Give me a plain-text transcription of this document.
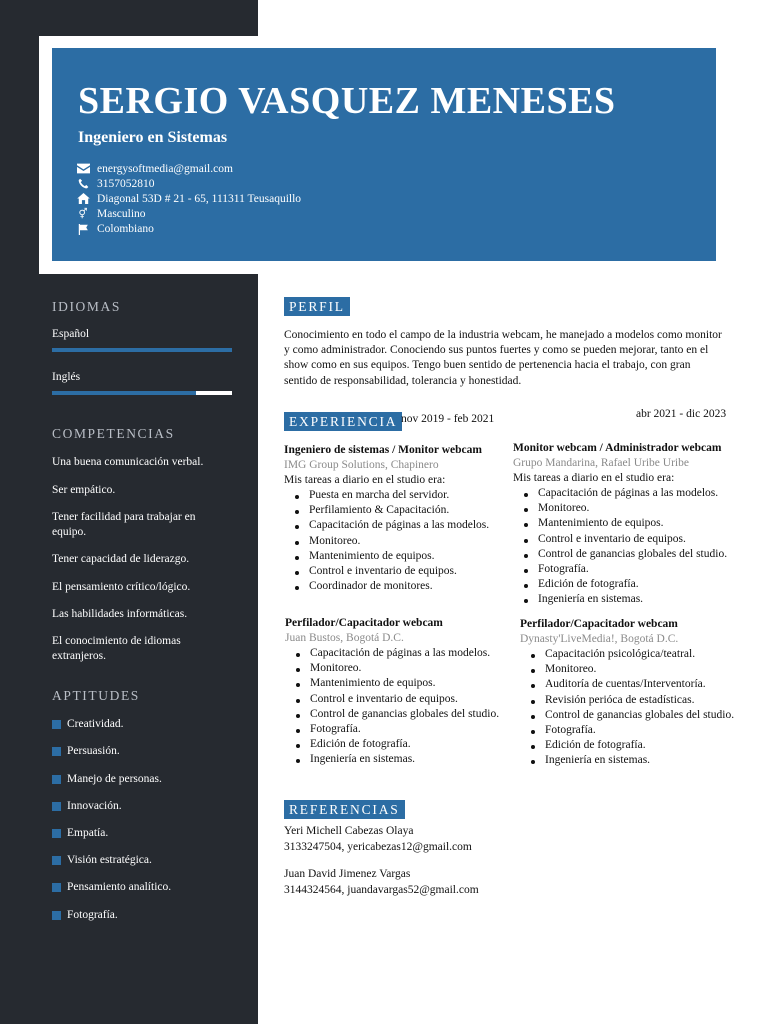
SERGIO VASQUEZ MENESES
Ingeniero en Sistemas
energysoftmedia@gmail.com
3157052810
Diagonal 53D # 21 - 65, 111311 Teusaquillo
⚥ Masculino
Colombiano
IDIOMAS
Español
Inglés
COMPETENCIAS
Una buena comunicación verbal.
Ser empático.
Tener facilidad para trabajar en equipo.
Tener capacidad de liderazgo.
El pensamiento crítico/lógico.
Las habilidades informáticas.
El conocimiento de idiomas extranjeros.
APTITUDES
Creatividad.
Persuasión.
Manejo de personas.
Innovación.
Empatía.
Visión estratégica.
Pensamiento analítico.
Fotografía.
PERFIL
Conocimiento en todo el campo de la industria webcam, he manejado a modelos como monitor y como administrador. Conociendo sus puntos fuertes y como se pueden mejorar, tanto en el show como en sus equipos. Tengo buen sentido de pertenencia hacia el trabajo, con gran sentido de responsabilidad, tolerancia y honestidad.
EXPERIENCIA nov 2019 - feb 2021	abr 2021 - dic 2023
Ingeniero de sistemas / Monitor webcam
IMG Group Solutions, Chapinero
Mis tareas a diario en el studio era:
Puesta en marcha del servidor.
Perfilamiento & Capacitación.
Capacitación de páginas a las modelos.
Monitoreo.
Mantenimiento de equipos.
Control e inventario de equipos.
Coordinador de monitores.
Monitor webcam / Administrador webcam
Grupo Mandarina, Rafael Uribe Uribe
Mis tareas a diario en el studio era:
Capacitación de páginas a las modelos.
Monitoreo.
Mantenimiento de equipos.
Control e inventario de equipos.
Control de ganancias globales del studio.
Fotografía.
Edición de fotografía.
Ingeniería en sistemas.
Perfilador/Capacitador webcam
Juan Bustos, Bogotá D.C.
Capacitación de páginas a las modelos.
Monitoreo.
Mantenimiento de equipos.
Control e inventario de equipos.
Control de ganancias globales del studio.
Fotografía.
Edición de fotografía.
Ingeniería en sistemas.
Perfilador/Capacitador webcam
Dynasty'LiveMedia!, Bogotá D.C.
Capacitación psicológica/teatral.
Monitoreo.
Auditoría de cuentas/Interventoría.
Revisión perióca de estadísticas.
Control de ganancias globales del studio.
Fotografía.
Edición de fotografía.
Ingeniería en sistemas.
REFERENCIAS
Yeri Michell Cabezas Olaya
3133247504, yericabezas12@gmail.com
Juan David Jimenez Vargas
3144324564, juandavargas52@gmail.com
